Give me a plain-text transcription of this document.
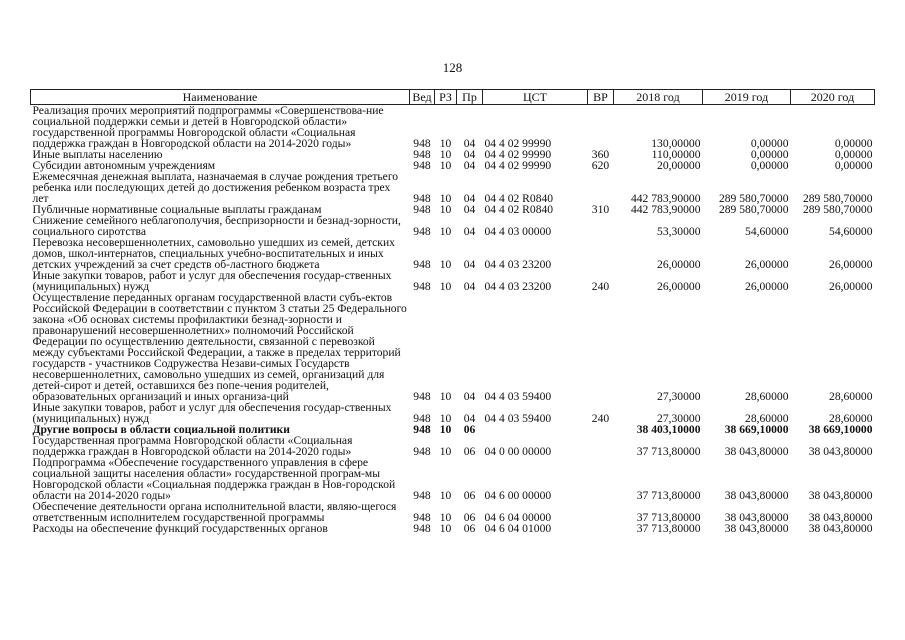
128
Наименование	Вед	РЗ	Пр	ЦСТ	ВР	2018 год	2019 год	2020 год
Реализация прочих мероприятий подпрограммы «Совершенствова-ние социальной поддержки семьи и детей в Новгородской области» государственной программы Новгородской области «Социальная поддержка граждан в Новгородской области на 2014-2020 годы»	948	10	04	04 4 02 99990		130,00000	0,00000	0,00000
Иные выплаты населению	948	10	04	04 4 02 99990	360	110,00000	0,00000	0,00000
Субсидии автономным учреждениям	948	10	04	04 4 02 99990	620	20,00000	0,00000	0,00000
Ежемесячная денежная выплата, назначаемая в случае рождения третьего ребенка или последующих детей до достижения ребенком возраста трех лет	948	10	04	04 4 02 R0840		442 783,90000	289 580,70000	289 580,70000
Публичные нормативные социальные выплаты гражданам	948	10	04	04 4 02 R0840	310	442 783,90000	289 580,70000	289 580,70000
Снижение семейного неблагополучия, беспризорности и безнад-зорности, социального сиротства	948	10	04	04 4 03 00000		53,30000	54,60000	54,60000
Перевозка несовершеннолетних, самовольно ушедших из семей, детских домов, школ-интернатов, специальных учебно-воспитательных и иных детских учреждений за счет средств об-ластного бюджета	948	10	04	04 4 03 23200		26,00000	26,00000	26,00000
Иные закупки товаров, работ и услуг для обеспечения государ-ственных (муниципальных) нужд	948	10	04	04 4 03 23200	240	26,00000	26,00000	26,00000
Осуществление переданных органам государственной власти субъ-ектов Российской Федерации в соответствии с пунктом 3 статьи 25 Федерального закона «Об основах системы профилактики безнад-зорности и правонарушений несовершеннолетних» полномочий Российской Федерации по осуществлению деятельности, связанной с перевозкой между субъектами Российской Федерации, а также в пределах территорий государств - участников Содружества Незави-симых Государств несовершеннолетних, самовольно ушедших из семей, организаций для детей-сирот и детей, оставшихся без попе-чения родителей, образовательных организаций и иных организа-ций	948	10	04	04 4 03 59400		27,30000	28,60000	28,60000
Иные закупки товаров, работ и услуг для обеспечения государ-ственных (муниципальных) нужд	948	10	04	04 4 03 59400	240	27,30000	28,60000	28,60000
Другие вопросы в области социальной политики	948	10	06			38 403,10000	38 669,10000	38 669,10000
Государственная программа Новгородской области «Социальная поддержка граждан в Новгородской области на 2014-2020 годы»	948	10	06	04 0 00 00000		37 713,80000	38 043,80000	38 043,80000
Подпрограмма «Обеспечение государственного управления в сфере социальной защиты населения области» государственной програм-мы Новгородской области «Социальная поддержка граждан в Нов-городской области на 2014-2020 годы»	948	10	06	04 6 00 00000		37 713,80000	38 043,80000	38 043,80000
Обеспечение деятельности органа исполнительной власти, являю-щегося ответственным исполнителем государственной программы	948	10	06	04 6 04 00000		37 713,80000	38 043,80000	38 043,80000
Расходы на обеспечение функций государственных органов	948	10	06	04 6 04 01000		37 713,80000	38 043,80000	38 043,80000
